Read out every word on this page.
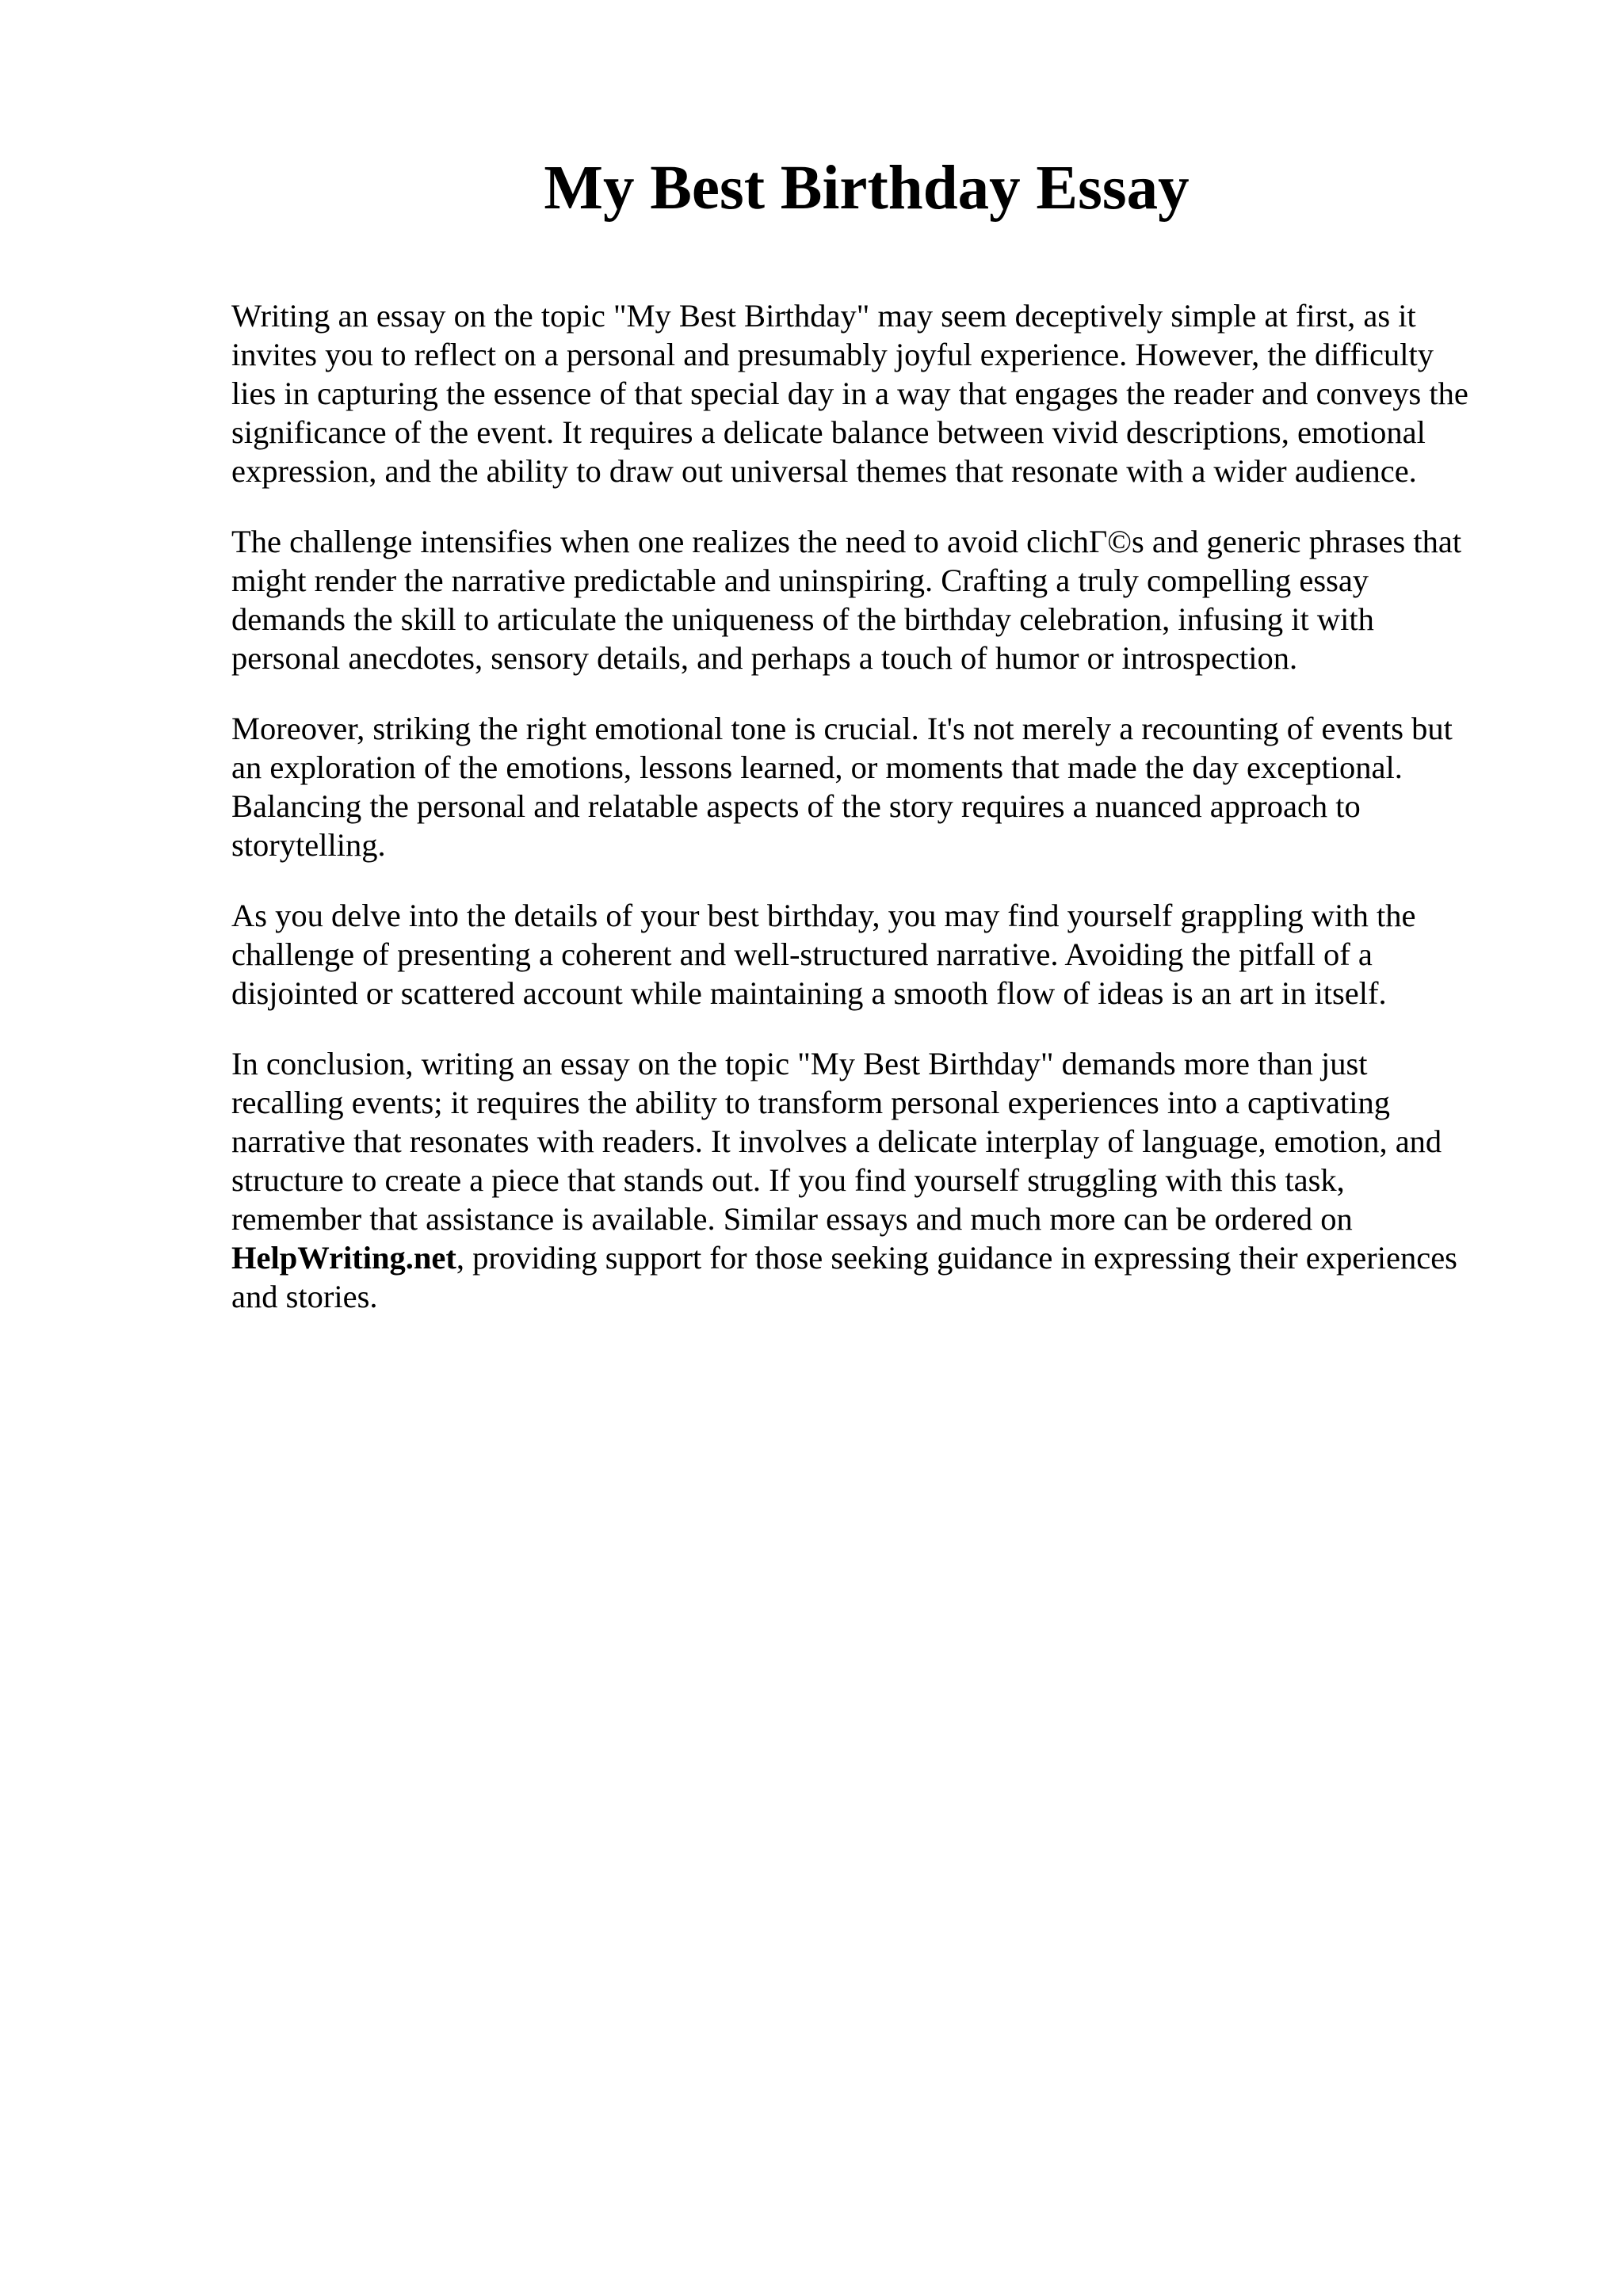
My Best Birthday Essay

Writing an essay on the topic "My Best Birthday" may seem deceptively simple at first, as it
invites you to reflect on a personal and presumably joyful experience. However, the difficulty
lies in capturing the essence of that special day in a way that engages the reader and conveys the
significance of the event. It requires a delicate balance between vivid descriptions, emotional
expression, and the ability to draw out universal themes that resonate with a wider audience.

The challenge intensifies when one realizes the need to avoid clichΓ©s and generic phrases that
might render the narrative predictable and uninspiring. Crafting a truly compelling essay
demands the skill to articulate the uniqueness of the birthday celebration, infusing it with
personal anecdotes, sensory details, and perhaps a touch of humor or introspection.

Moreover, striking the right emotional tone is crucial. It's not merely a recounting of events but
an exploration of the emotions, lessons learned, or moments that made the day exceptional.
Balancing the personal and relatable aspects of the story requires a nuanced approach to
storytelling.

As you delve into the details of your best birthday, you may find yourself grappling with the
challenge of presenting a coherent and well-structured narrative. Avoiding the pitfall of a
disjointed or scattered account while maintaining a smooth flow of ideas is an art in itself.

In conclusion, writing an essay on the topic "My Best Birthday" demands more than just
recalling events; it requires the ability to transform personal experiences into a captivating
narrative that resonates with readers. It involves a delicate interplay of language, emotion, and
structure to create a piece that stands out. If you find yourself struggling with this task,
remember that assistance is available. Similar essays and much more can be ordered on
HelpWriting.net, providing support for those seeking guidance in expressing their experiences
and stories.
